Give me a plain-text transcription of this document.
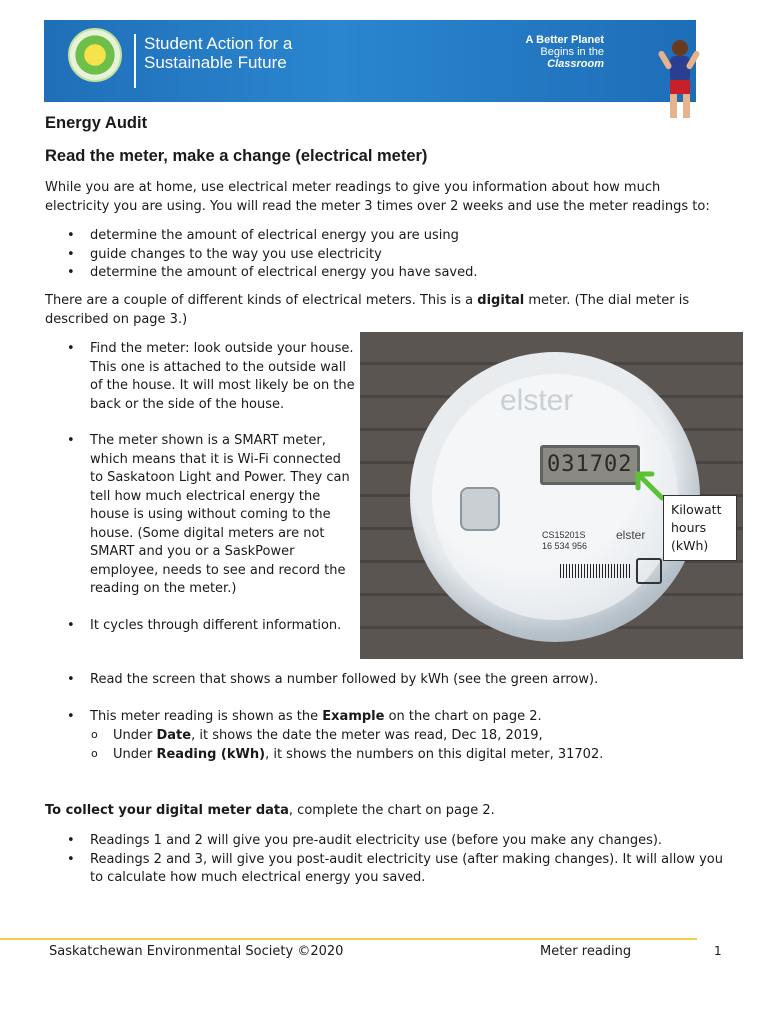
Student Action for a
Sustainable Future
A Better Planet
Begins in the
Classroom
Energy Audit
Read the meter, make a change (electrical meter)
While you are at home, use electrical meter readings to give you information about how much electricity you are using. You will read the meter 3 times over 2 weeks and use the meter readings to:
• determine the amount of electrical energy you are using
• guide changes to the way you use electricity
• determine the amount of electrical energy you have saved.
There are a couple of different kinds of electrical meters. This is a digital meter. (The dial meter is described on page 3.)
• Find the meter: look outside your house. This one is attached to the outside wall of the house. It will most likely be on the back or the side of the house.
• The meter shown is a SMART meter, which means that it is Wi-Fi connected to Saskatoon Light and Power. They can tell how much electrical energy the house is using without coming to the house. (Some digital meters are not SMART and you or a SaskPower employee, needs to see and record the reading on the meter.)
• It cycles through different information.
elster
031702
CS15201S
16 534 956
elster
Kilowatt
hours
(kWh)
• Read the screen that shows a number followed by kWh (see the green arrow).
• This meter reading is shown as the Example on the chart on page 2.
o Under Date, it shows the date the meter was read, Dec 18, 2019,
o Under Reading (kWh), it shows the numbers on this digital meter, 31702.
To collect your digital meter data, complete the chart on page 2.
• Readings 1 and 2 will give you pre-audit electricity use (before you make any changes).
• Readings 2 and 3, will give you post-audit electricity use (after making changes). It will allow you to calculate how much electrical energy you saved.
Saskatchewan Environmental Society ©2020	Meter reading	1
